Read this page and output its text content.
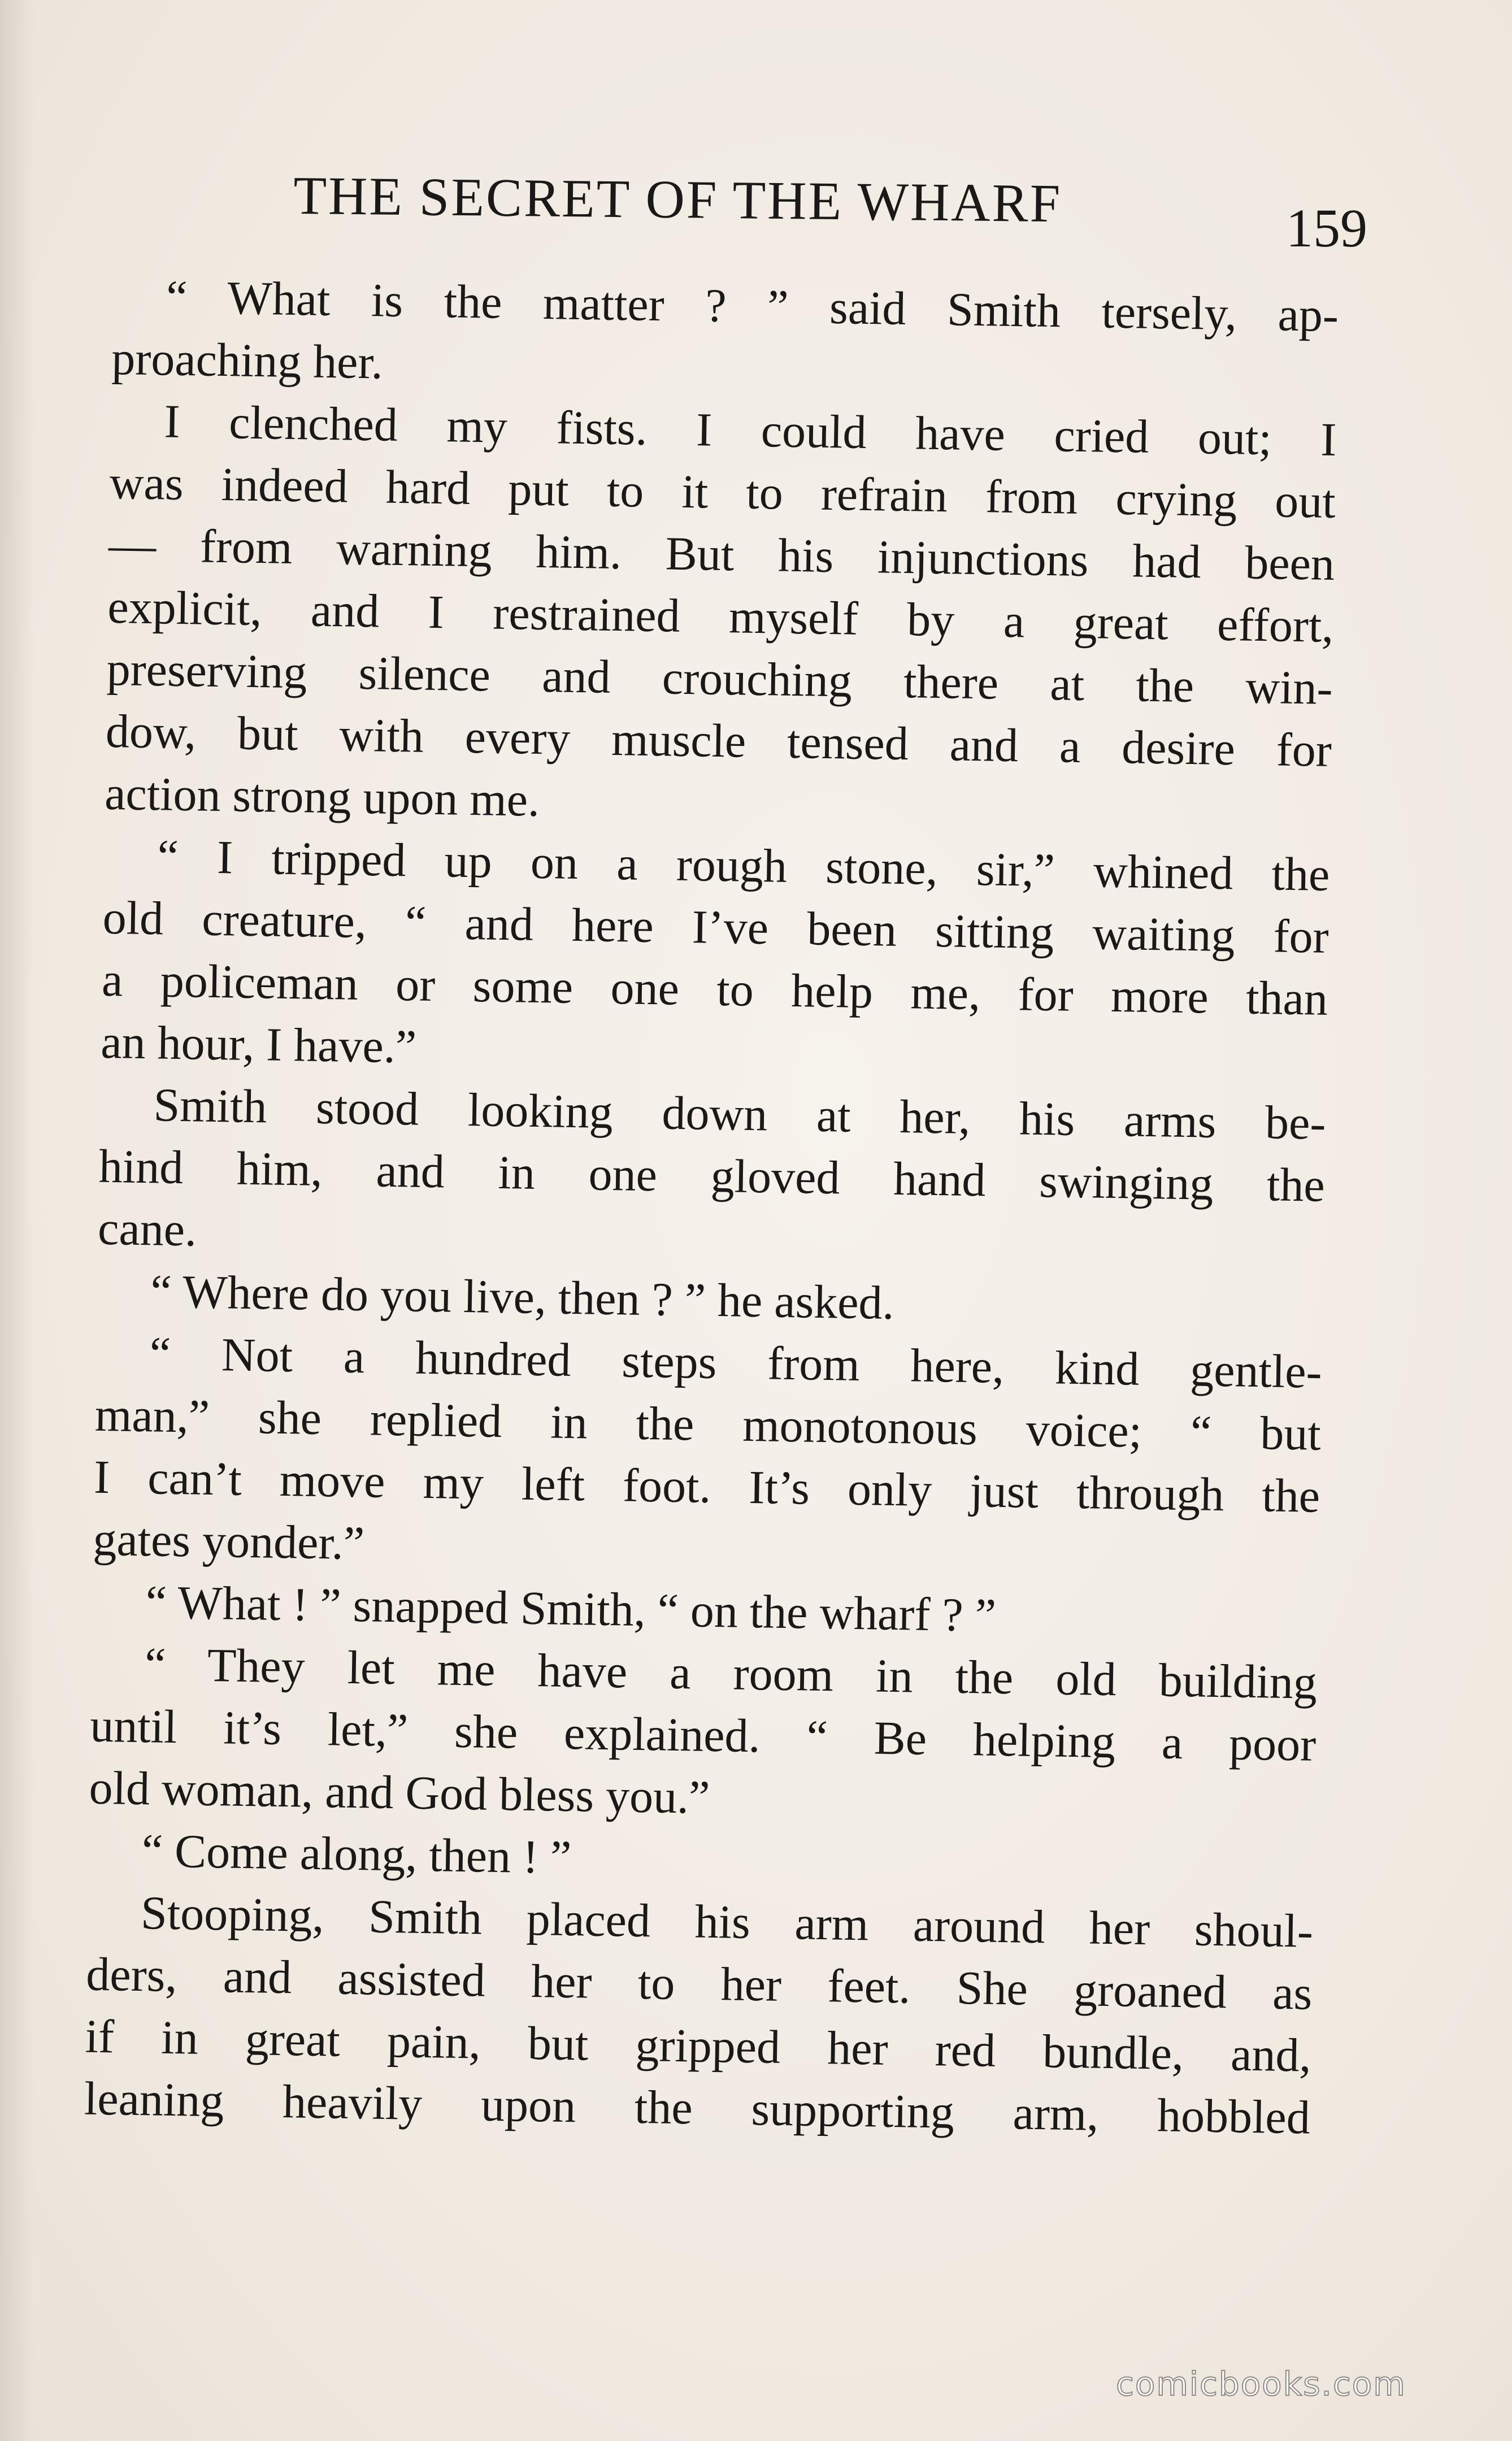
THE SECRET OF THE WHARF	159
“ What is the matter ? ” said Smith tersely, ap-
proaching her.
I clenched my fists. I could have cried out; I
was indeed hard put to it to refrain from crying out
— from warning him. But his injunctions had been
explicit, and I restrained myself by a great effort,
preserving silence and crouching there at the win-
dow, but with every muscle tensed and a desire for
action strong upon me.
“ I tripped up on a rough stone, sir,” whined the
old creature, “ and here I’ve been sitting waiting for
a policeman or some one to help me, for more than
an hour, I have.”
Smith stood looking down at her, his arms be-
hind him, and in one gloved hand swinging the
cane.
“ Where do you live, then ? ” he asked.
“ Not a hundred steps from here, kind gentle-
man,” she replied in the monotonous voice; “ but
I can’t move my left foot. It’s only just through the
gates yonder.”
“ What ! ” snapped Smith, “ on the wharf ? ”
“ They let me have a room in the old building
until it’s let,” she explained. “ Be helping a poor
old woman, and God bless you.”
“ Come along, then ! ”
Stooping, Smith placed his arm around her shoul-
ders, and assisted her to her feet. She groaned as
if in great pain, but gripped her red bundle, and,
leaning heavily upon the supporting arm, hobbled
comicbooks.com
